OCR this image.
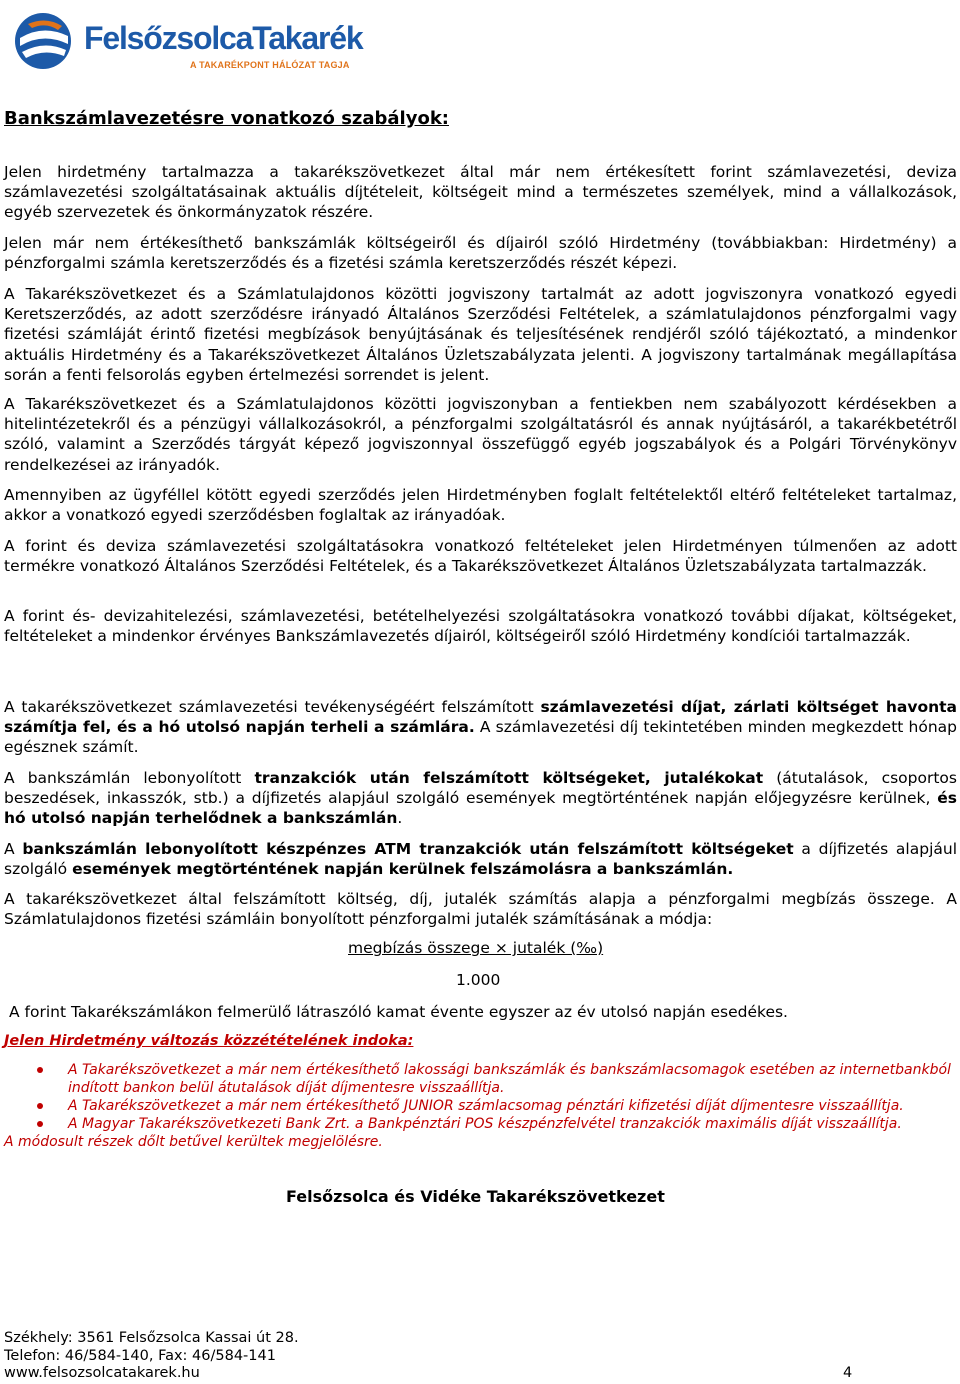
FelsőzsolcaTakarék
A TAKARÉKPONT HÁLÓZAT TAGJA
Bankszámlavezetésre vonatkozó szabályok:

Jelen hirdetmény tartalmazza a takarékszövetkezet által már nem értékesített forint számlavezetési, deviza számlavezetési szolgáltatásainak aktuális díjtételeit, költségeit mind a természetes személyek, mind a vállalkozások, egyéb szervezetek és önkormányzatok részére.

Jelen már nem értékesíthető bankszámlák költségeiről és díjairól szóló Hirdetmény (továbbiakban: Hirdetmény) a pénzforgalmi számla keretszerződés és a fizetési számla keretszerződés részét képezi.

A Takarékszövetkezet és a Számlatulajdonos közötti jogviszony tartalmát az adott jogviszonyra vonatkozó egyedi Keretszerződés, az adott szerződésre irányadó Általános Szerződési Feltételek, a számlatulajdonos pénzforgalmi vagy fizetési számláját érintő fizetési megbízások benyújtásának és teljesítésének rendjéről szóló tájékoztató, a mindenkor aktuális Hirdetmény és a Takarékszövetkezet Általános Üzletszabályzata jelenti. A jogviszony tartalmának megállapítása során a fenti felsorolás egyben értelmezési sorrendet is jelent.

A Takarékszövetkezet és a Számlatulajdonos közötti jogviszonyban a fentiekben nem szabályozott kérdésekben a hitelintézetekről és a pénzügyi vállalkozásokról, a pénzforgalmi szolgáltatásról és annak nyújtásáról, a takarékbetétről szóló, valamint a Szerződés tárgyát képező jogviszonnyal összefüggő egyéb jogszabályok és a Polgári Törvénykönyv rendelkezései az irányadók.

Amennyiben az ügyféllel kötött egyedi szerződés jelen Hirdetményben foglalt feltételektől eltérő feltételeket tartalmaz, akkor a vonatkozó egyedi szerződésben foglaltak az irányadóak.

A forint és deviza számlavezetési szolgáltatásokra vonatkozó feltételeket jelen Hirdetményen túlmenően az adott termékre vonatkozó Általános Szerződési Feltételek, és a Takarékszövetkezet Általános Üzletszabályzata tartalmazzák.

A forint és- devizahitelezési, számlavezetési, betételhelyezési szolgáltatásokra vonatkozó további díjakat, költségeket, feltételeket a mindenkor érvényes Bankszámlavezetés díjairól, költségeiről szóló Hirdetmény kondíciói tartalmazzák.

A takarékszövetkezet számlavezetési tevékenységéért felszámított számlavezetési díjat, zárlati költséget havonta számítja fel, és a hó utolsó napján terheli a számlára. A számlavezetési díj tekintetében minden megkezdett hónap egésznek számít.

A bankszámlán lebonyolított tranzakciók után felszámított költségeket, jutalékokat (átutalások, csoportos beszedések, inkasszók, stb.) a díjfizetés alapjául szolgáló események megtörténtének napján előjegyzésre kerülnek, és hó utolsó napján terhelődnek a bankszámlán.

A bankszámlán lebonyolított készpénzes ATM tranzakciók után felszámított költségeket a díjfizetés alapjául szolgáló események megtörténtének napján kerülnek felszámolásra a bankszámlán.

A takarékszövetkezet által felszámított költség, díj, jutalék számítás alapja a pénzforgalmi megbízás összege. A Számlatulajdonos fizetési számláin bonyolított pénzforgalmi jutalék számításának a módja:

megbízás összege × jutalék (‰)
1.000

A forint Takarékszámlákon felmerülő látraszóló kamat évente egyszer az év utolsó napján esedékes.

Jelen Hirdetmény változás közzétételének indoka:
A Takarékszövetkezet a már nem értékesíthető lakossági bankszámlák és bankszámlacsomagok esetében az internetbankból indított bankon belül átutalások díját díjmentesre visszaállítja.
A Takarékszövetkezet a már nem értékesíthető JUNIOR számlacsomag pénztári kifizetési díját díjmentesre visszaállítja.
A Magyar Takarékszövetkezeti Bank Zrt. a Bankpénztári POS készpénzfelvétel tranzakciók maximális díját visszaállítja.
A módosult részek dőlt betűvel kerültek megjelölésre.
Felsőzsolca és Vidéke Takarékszövetkezet
Székhely: 3561 Felsőzsolca Kassai út 28.
Telefon: 46/584-140, Fax: 46/584-141
www.felsozsolcatakarek.hu	4
